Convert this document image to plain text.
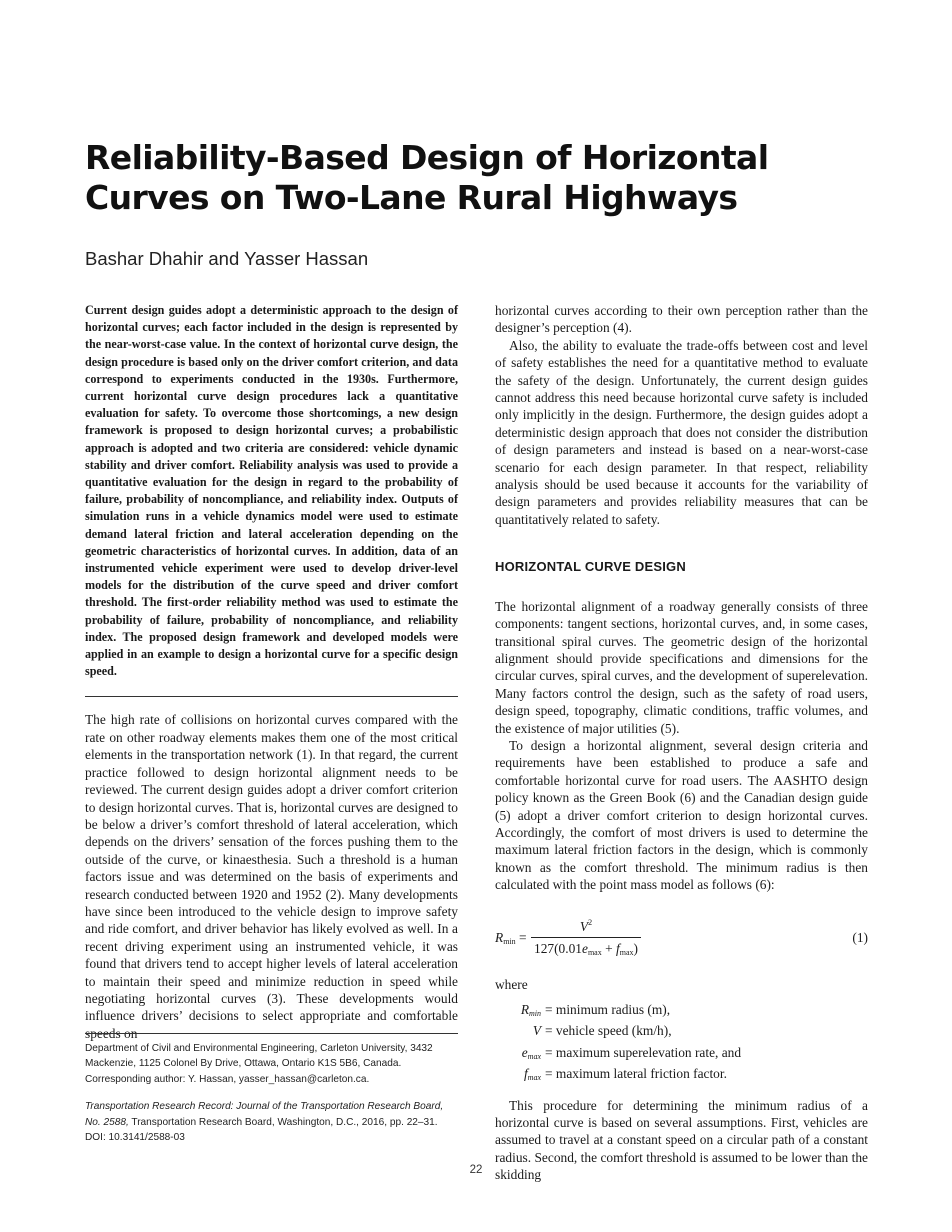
Reliability-Based Design of Horizontal Curves on Two-Lane Rural Highways
Bashar Dhahir and Yasser Hassan

Current design guides adopt a deterministic approach to the design of horizontal curves; each factor included in the design is represented by the near-worst-case value. In the context of horizontal curve design, the design procedure is based only on the driver comfort criterion, and data correspond to experiments conducted in the 1930s. Furthermore, current horizontal curve design procedures lack a quantitative evaluation for safety. To overcome those shortcomings, a new design framework is proposed to design horizontal curves; a probabilistic approach is adopted and two criteria are considered: vehicle dynamic stability and driver comfort. Reliability analysis was used to provide a quantitative evaluation for the design in regard to the probability of failure, probability of noncompliance, and reliability index. Outputs of simulation runs in a vehicle dynamics model were used to estimate demand lateral friction and lateral acceleration depending on the geometric characteristics of horizontal curves. In addition, data of an instrumented vehicle experiment were used to develop driver-level models for the distribution of the curve speed and driver comfort threshold. The first-order reliability method was used to estimate the probability of failure, probability of noncompliance, and reliability index. The proposed design framework and developed models were applied in an example to design a horizontal curve for a specific design speed.

The high rate of collisions on horizontal curves compared with the rate on other roadway elements makes them one of the most critical elements in the transportation network (1). In that regard, the current practice followed to design horizontal alignment needs to be reviewed. The current design guides adopt a driver comfort criterion to design horizontal curves. That is, horizontal curves are designed to be below a driver’s comfort threshold of lateral acceleration, which depends on the drivers’ sensation of the forces pushing them to the outside of the curve, or kinaesthesia. Such a threshold is a human factors issue and was determined on the basis of experiments and research conducted between 1920 and 1952 (2). Many developments have since been introduced to the vehicle design to improve safety and ride comfort, and driver behavior has likely evolved as well. In a recent driving experiment using an instrumented vehicle, it was found that drivers tend to accept higher levels of lateral acceleration to maintain their speed and minimize reduction in speed while negotiating horizontal curves (3). These developments would influence drivers’ decisions to select appropriate and comfortable speeds on

Department of Civil and Environmental Engineering, Carleton University, 3432 Mackenzie, 1125 Colonel By Drive, Ottawa, Ontario K1S 5B6, Canada. Corresponding author: Y. Hassan, yasser_hassan@carleton.ca.

Transportation Research Record: Journal of the Transportation Research Board, No. 2588, Transportation Research Board, Washington, D.C., 2016, pp. 22–31.

DOI: 10.3141/2588-03

horizontal curves according to their own perception rather than the designer’s perception (4).

Also, the ability to evaluate the trade-offs between cost and level of safety establishes the need for a quantitative method to evaluate the safety of the design. Unfortunately, the current design guides cannot address this need because horizontal curve safety is included only implicitly in the design. Furthermore, the design guides adopt a deterministic design approach that does not consider the distribution of design parameters and instead is based on a near-worst-case scenario for each design parameter. In that respect, reliability analysis should be used because it accounts for the variability of design parameters and provides reliability measures that can be quantitatively related to safety.

HORIZONTAL CURVE DESIGN

The horizontal alignment of a roadway generally consists of three components: tangent sections, horizontal curves, and, in some cases, transitional spiral curves. The geometric design of the horizontal alignment should provide specifications and dimensions for the circular curves, spiral curves, and the development of superelevation. Many factors control the design, such as the safety of road users, design speed, topography, climatic conditions, traffic volumes, and the existence of major utilities (5).

To design a horizontal alignment, several design criteria and requirements have been established to produce a safe and comfortable horizontal curve for road users. The AASHTO design policy known as the Green Book (6) and the Canadian design guide (5) adopt a driver comfort criterion to design horizontal curves. Accordingly, the comfort of most drivers is used to determine the maximum lateral friction factors in the design, which is commonly known as the comfort threshold. The minimum radius is then calculated with the point mass model as follows (6):

$R_{min}$ =
$V^2$
$127(0.01e_{max} + f_{max})$
(1)

where

$R_{min}$ = minimum radius (m),
V = vehicle speed (km/h),
$e_{max}$ = maximum superelevation rate, and
$f_{max}$ = maximum lateral friction factor.

This procedure for determining the minimum radius of a horizontal curve is based on several assumptions. First, vehicles are assumed to travel at a constant speed on a circular path of a constant radius. Second, the comfort threshold is assumed to be lower than the skidding

22
